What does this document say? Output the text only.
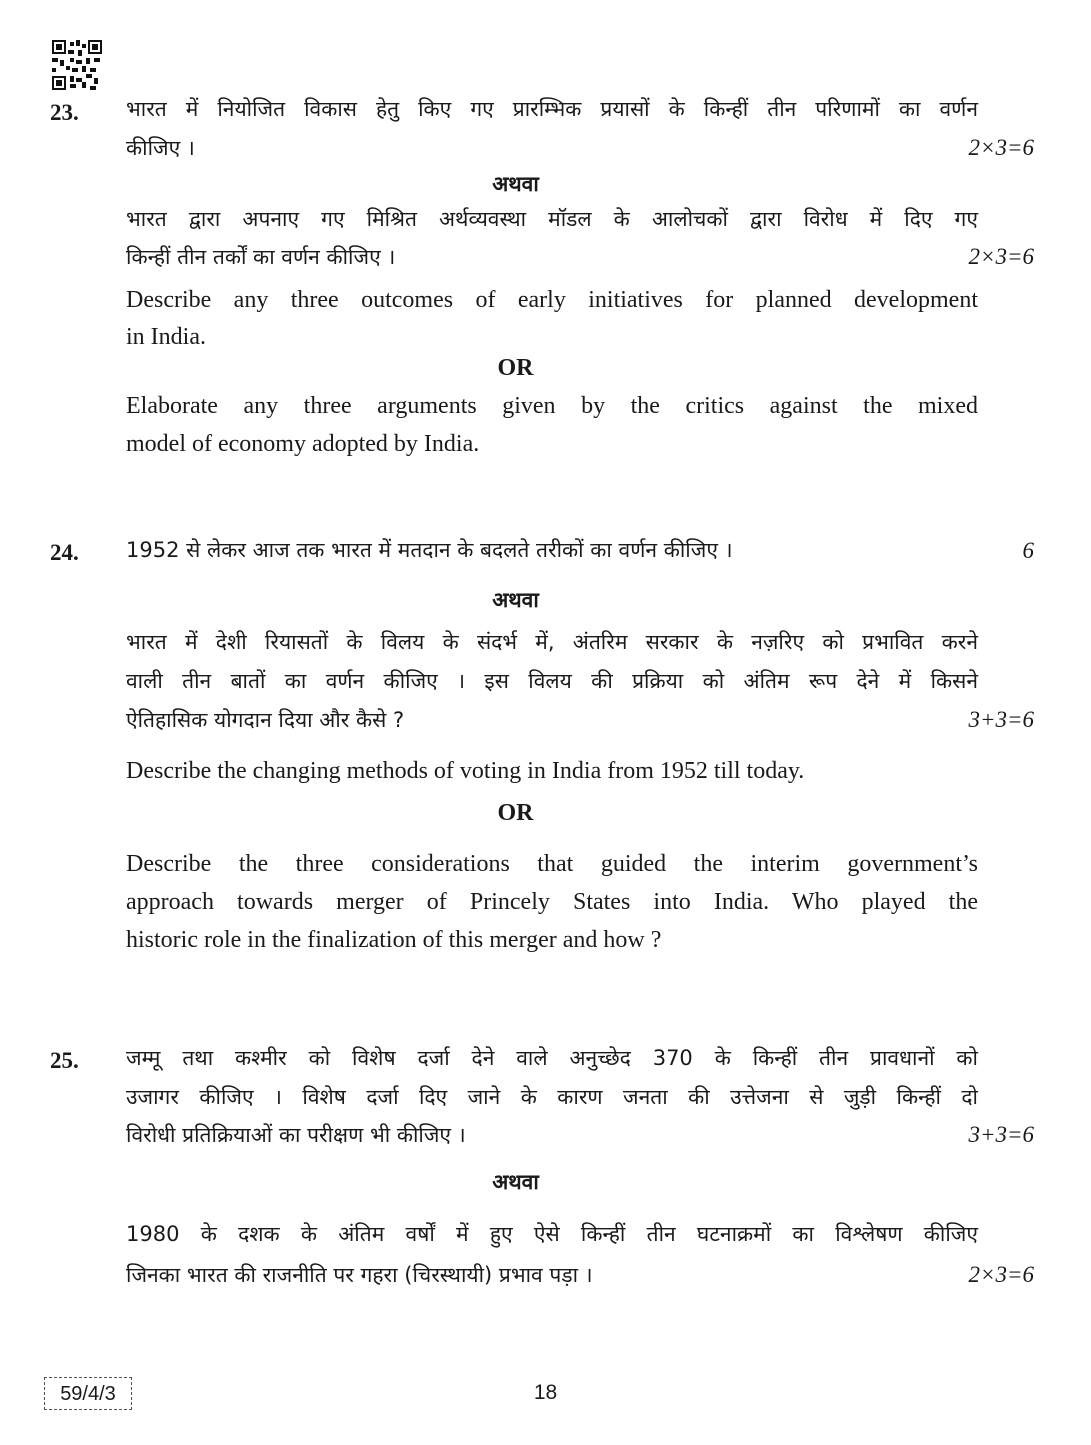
23. भारत में नियोजित विकास हेतु किए गए प्रारम्भिक प्रयासों के किन्हीं तीन परिणामों का वर्णन
कीजिए ।	2×3=6
अथवा
भारत द्वारा अपनाए गए मिश्रित अर्थव्यवस्था मॉडल के आलोचकों द्वारा विरोध में दिए गए
किन्हीं तीन तर्कों का वर्णन कीजिए ।	2×3=6
Describe any three outcomes of early initiatives for planned development
in India.
OR
Elaborate any three arguments given by the critics against the mixed
model of economy adopted by India.
24. 1952 से लेकर आज तक भारत में मतदान के बदलते तरीकों का वर्णन कीजिए ।	6
अथवा
भारत में देशी रियासतों के विलय के संदर्भ में, अंतरिम सरकार के नज़रिए को प्रभावित करने
वाली तीन बातों का वर्णन कीजिए । इस विलय की प्रक्रिया को अंतिम रूप देने में किसने
ऐतिहासिक योगदान दिया और कैसे ?	3+3=6
Describe the changing methods of voting in India from 1952 till today.
OR
Describe the three considerations that guided the interim government’s
approach towards merger of Princely States into India. Who played the
historic role in the finalization of this merger and how ?
25. जम्मू तथा कश्मीर को विशेष दर्जा देने वाले अनुच्छेद 370 के किन्हीं तीन प्रावधानों को
उजागर कीजिए । विशेष दर्जा दिए जाने के कारण जनता की उत्तेजना से जुड़ी किन्हीं दो
विरोधी प्रतिक्रियाओं का परीक्षण भी कीजिए ।	3+3=6
अथवा
1980 के दशक के अंतिम वर्षों में हुए ऐसे किन्हीं तीन घटनाक्रमों का विश्लेषण कीजिए
जिनका भारत की राजनीति पर गहरा (चिरस्थायी) प्रभाव पड़ा ।	2×3=6
59/4/3	18
